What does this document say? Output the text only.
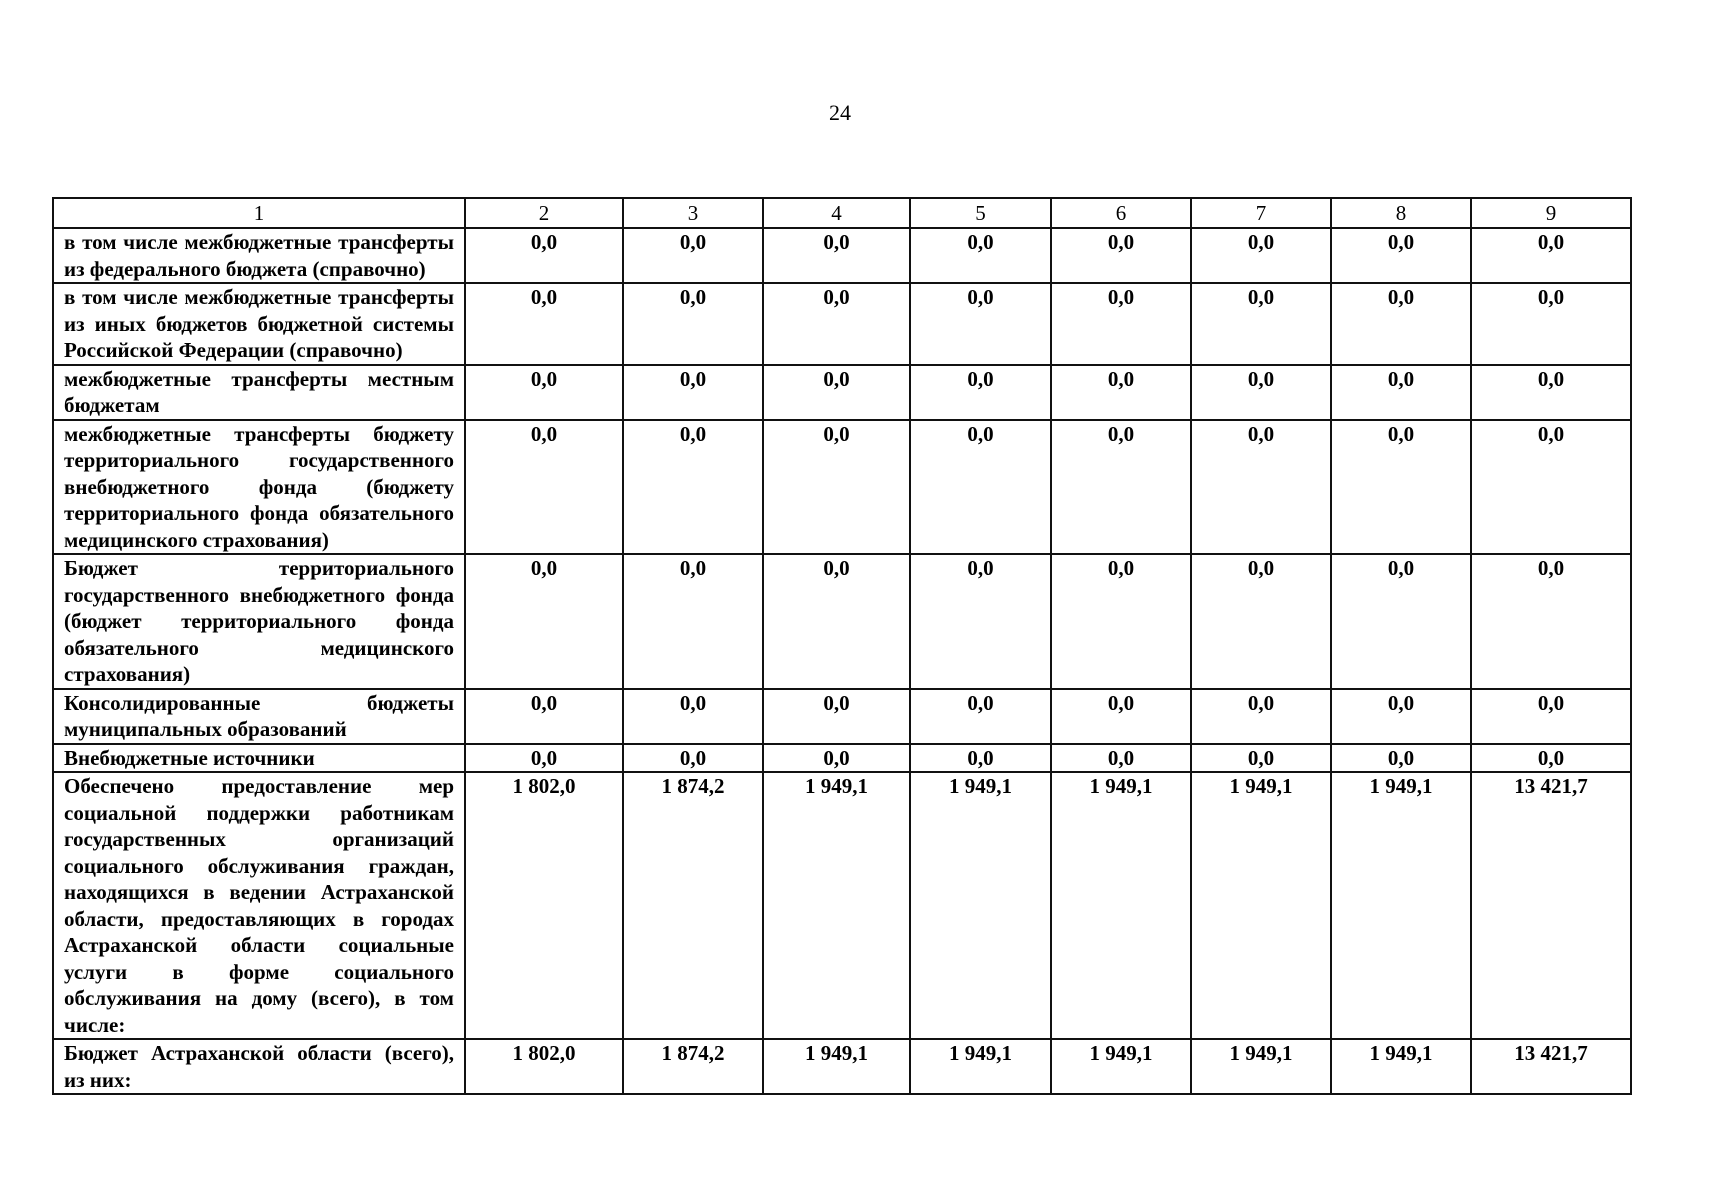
24
1	2	3	4	5	6	7	8	9
в том числе межбюджетные трансферты из федерального бюджета (справочно)	0,0	0,0	0,0	0,0	0,0	0,0	0,0	0,0
в том числе межбюджетные трансферты из иных бюджетов бюджетной системы Российской Федерации (справочно)	0,0	0,0	0,0	0,0	0,0	0,0	0,0	0,0
межбюджетные трансферты местным бюджетам	0,0	0,0	0,0	0,0	0,0	0,0	0,0	0,0
межбюджетные трансферты бюджету территориального государственного внебюджетного фонда (бюджету территориального фонда обязательного медицинского страхования)	0,0	0,0	0,0	0,0	0,0	0,0	0,0	0,0
Бюджет территориального государственного внебюджетного фонда (бюджет территориального фонда обязательного медицинского страхования)	0,0	0,0	0,0	0,0	0,0	0,0	0,0	0,0
Консолидированные бюджеты муниципальных образований	0,0	0,0	0,0	0,0	0,0	0,0	0,0	0,0
Внебюджетные источники	0,0	0,0	0,0	0,0	0,0	0,0	0,0	0,0
Обеспечено предоставление мер социальной поддержки работникам государственных организаций социального обслуживания граждан, находящихся в ведении Астраханской области, предоставляющих в городах Астраханской области социальные услуги в форме социального обслуживания на дому (всего), в том числе:	1 802,0	1 874,2	1 949,1	1 949,1	1 949,1	1 949,1	1 949,1	13 421,7
Бюджет Астраханской области (всего), из них:	1 802,0	1 874,2	1 949,1	1 949,1	1 949,1	1 949,1	1 949,1	13 421,7
